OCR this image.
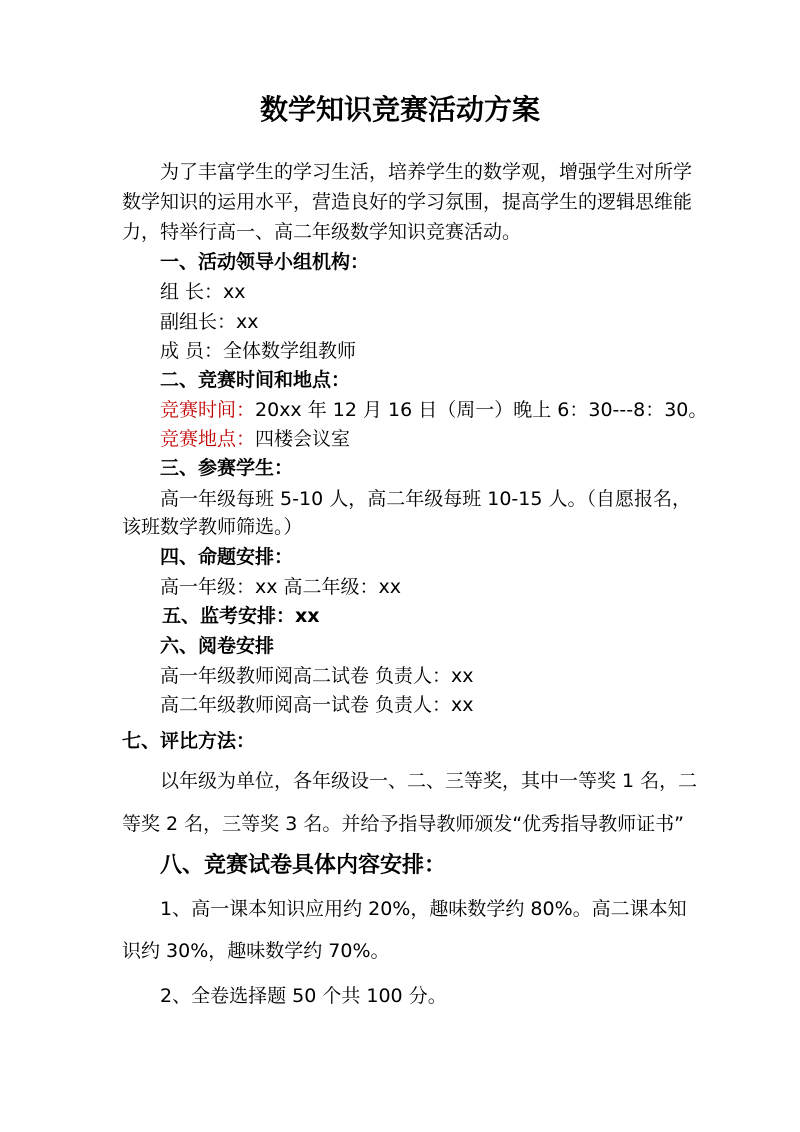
数学知识竞赛活动方案
为了丰富学生的学习生活，培养学生的数学观，增强学生对所学
数学知识的运用水平，营造良好的学习氛围，提高学生的逻辑思维能
力，特举行高一、高二年级数学知识竞赛活动。
一、活动领导小组机构：
组 长：xx
副组长：xx
成 员：全体数学组教师
二、竞赛时间和地点：
竞赛时间：20xx 年 12 月 16 日（周一）晚上 6：30---8：30。
竞赛地点：四楼会议室
三、参赛学生：
高一年级每班 5-10 人，高二年级每班 10-15 人。（自愿报名，
该班数学教师筛选。）
四、命题安排：
高一年级：xx 高二年级：xx
五、监考安排：xx
六、阅卷安排
高一年级教师阅高二试卷 负责人：xx
高二年级教师阅高一试卷 负责人：xx
七、评比方法：
以年级为单位，各年级设一、二、三等奖，其中一等奖 1 名，二
等奖 2 名，三等奖 3 名。并给予指导教师颁发“优秀指导教师证书”
八、竞赛试卷具体内容安排：
1、高一课本知识应用约 20%，趣味数学约 80%。高二课本知
识约 30%，趣味数学约 70%。
2、全卷选择题 50 个共 100 分。
